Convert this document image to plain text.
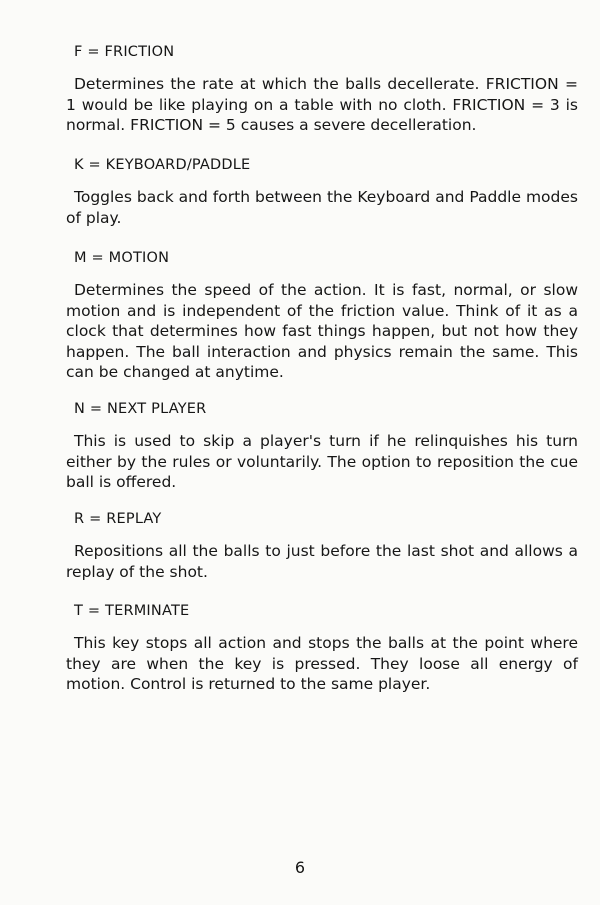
F = FRICTION
Determines the rate at which the balls decellerate. FRICTION = 1 would be like playing on a table with no cloth. FRICTION = 3 is normal. FRICTION = 5 causes a severe decelleration.
K = KEYBOARD/PADDLE
Toggles back and forth between the Keyboard and Paddle modes of play.
M = MOTION
Determines the speed of the action. It is fast, normal, or slow motion and is independent of the friction value. Think of it as a clock that determines how fast things happen, but not how they happen. The ball interaction and physics remain the same. This can be changed at anytime.
N = NEXT PLAYER
This is used to skip a player's turn if he relinquishes his turn either by the rules or voluntarily. The option to reposition the cue ball is offered.
R = REPLAY
Repositions all the balls to just before the last shot and allows a replay of the shot.
T = TERMINATE
This key stops all action and stops the balls at the point where they are when the key is pressed. They loose all energy of motion. Control is returned to the same player.
6
